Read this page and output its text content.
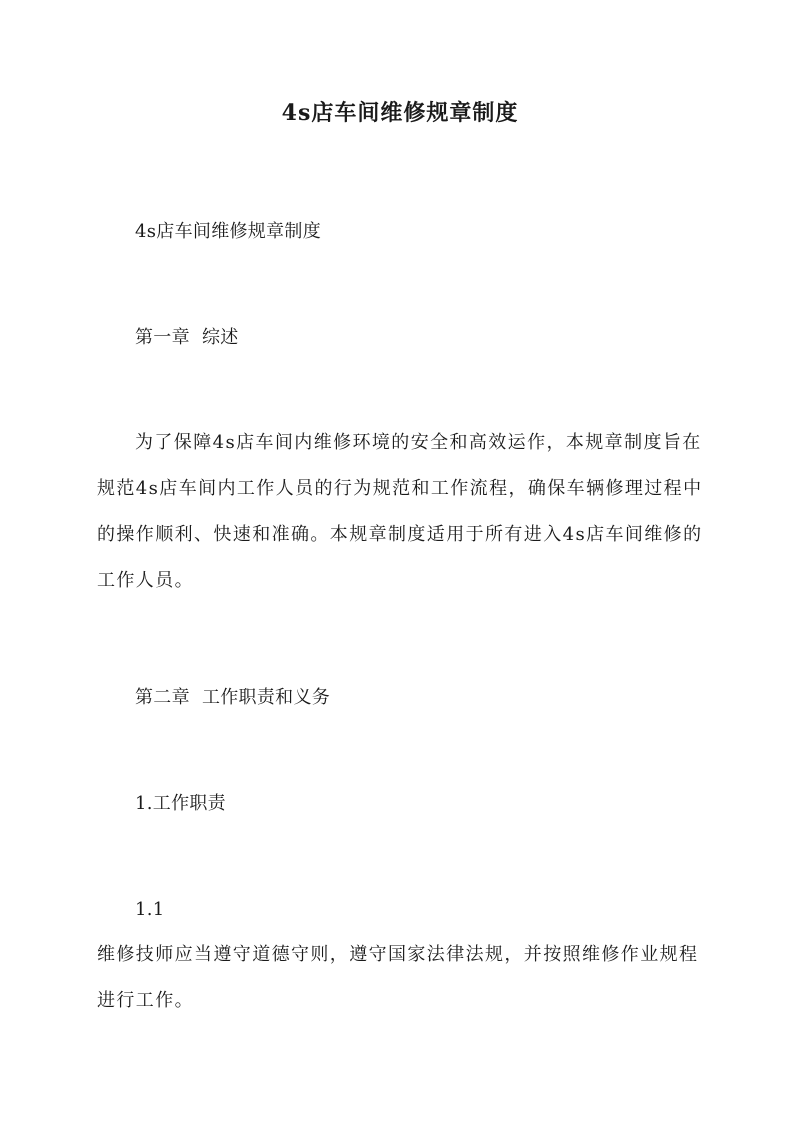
4s店车间维修规章制度
4s店车间维修规章制度
第一章  综述
为了保障4s店车间内维修环境的安全和高效运作，本规章制度旨在规范4s店车间内工作人员的行为规范和工作流程，确保车辆修理过程中的操作顺利、快速和准确。本规章制度适用于所有进入4s店车间维修的工作人员。
第二章  工作职责和义务
1.工作职责
1.1
维修技师应当遵守道德守则，遵守国家法律法规，并按照维修作业规程进行工作。
